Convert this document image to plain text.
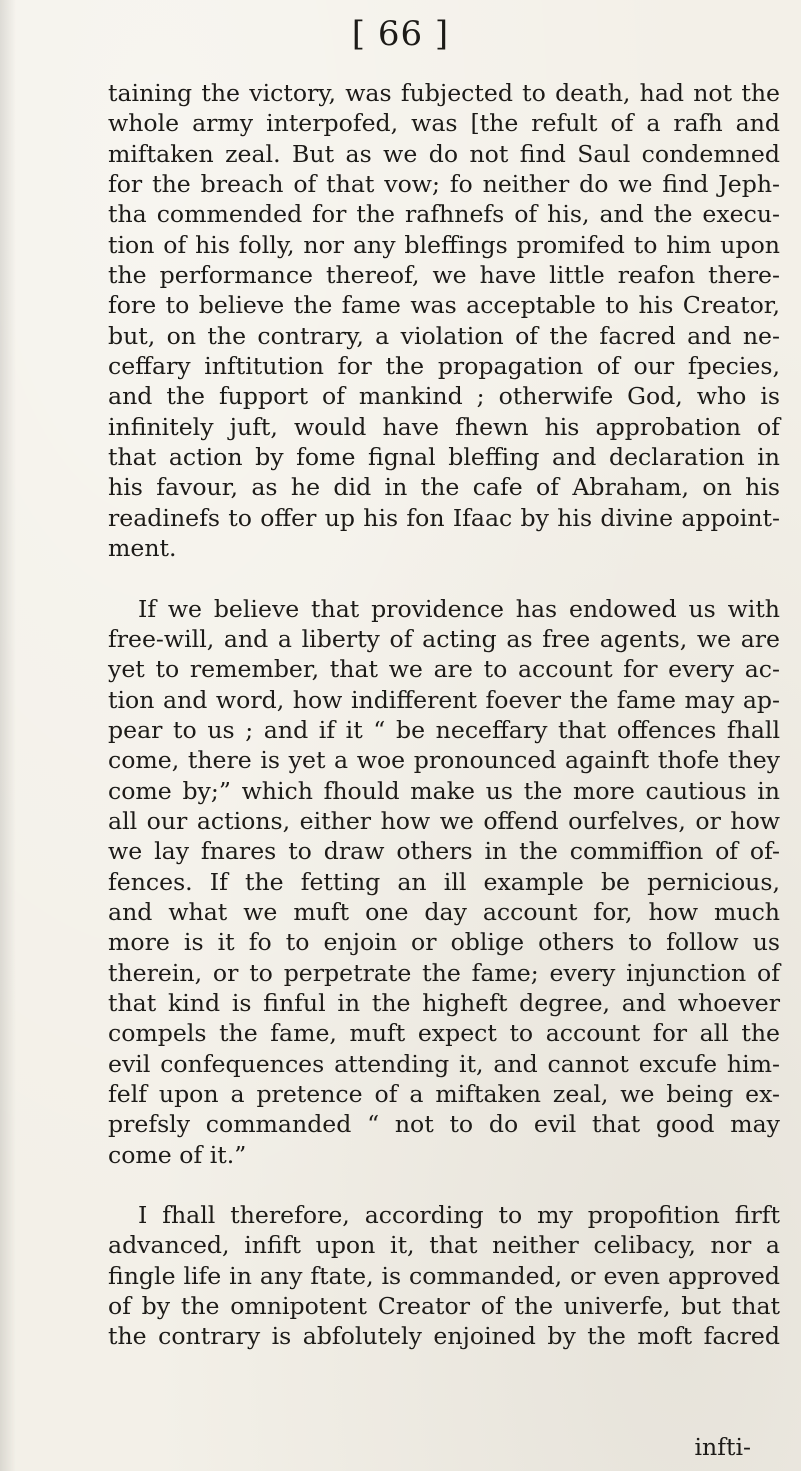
[ 66 ]
taining the victory, was fubjected to death, had not the
whole army interpofed, was [the refult of a rafh and
miftaken zeal. But as we do not find Saul condemned
for the breach of that vow; fo neither do we find Jeph-
tha commended for the rafhnefs of his, and the execu-
tion of his folly, nor any bleffings promifed to him upon
the performance thereof, we have little reafon there-
fore to believe the fame was acceptable to his Creator,
but, on the contrary, a violation of the facred and ne-
ceffary inftitution for the propagation of our fpecies,
and the fupport of mankind ; otherwife God, who is
infinitely juft, would have fhewn his approbation of
that action by fome fignal bleffing and declaration in
his favour, as he did in the cafe of Abraham, on his
readinefs to offer up his fon Ifaac by his divine appoint-
ment.
If we believe that providence has endowed us with
free-will, and a liberty of acting as free agents, we are
yet to remember, that we are to account for every ac-
tion and word, how indifferent foever the fame may ap-
pear to us ; and if it “ be neceffary that offences fhall
come, there is yet a woe pronounced againft thofe they
come by;” which fhould make us the more cautious in
all our actions, either how we offend ourfelves, or how
we lay fnares to draw others in the commiffion of of-
fences. If the fetting an ill example be pernicious,
and what we muft one day account for, how much
more is it fo to enjoin or oblige others to follow us
therein, or to perpetrate the fame; every injunction of
that kind is finful in the higheft degree, and whoever
compels the fame, muft expect to account for all the
evil confequences attending it, and cannot excufe him-
felf upon a pretence of a miftaken zeal, we being ex-
prefsly commanded “ not to do evil that good may
come of it.”
I fhall therefore, according to my propofition firft
advanced, infift upon it, that neither celibacy, nor a
fingle life in any ftate, is commanded, or even approved
of by the omnipotent Creator of the univerfe, but that
the contrary is abfolutely enjoined by the moft facred
infti-
